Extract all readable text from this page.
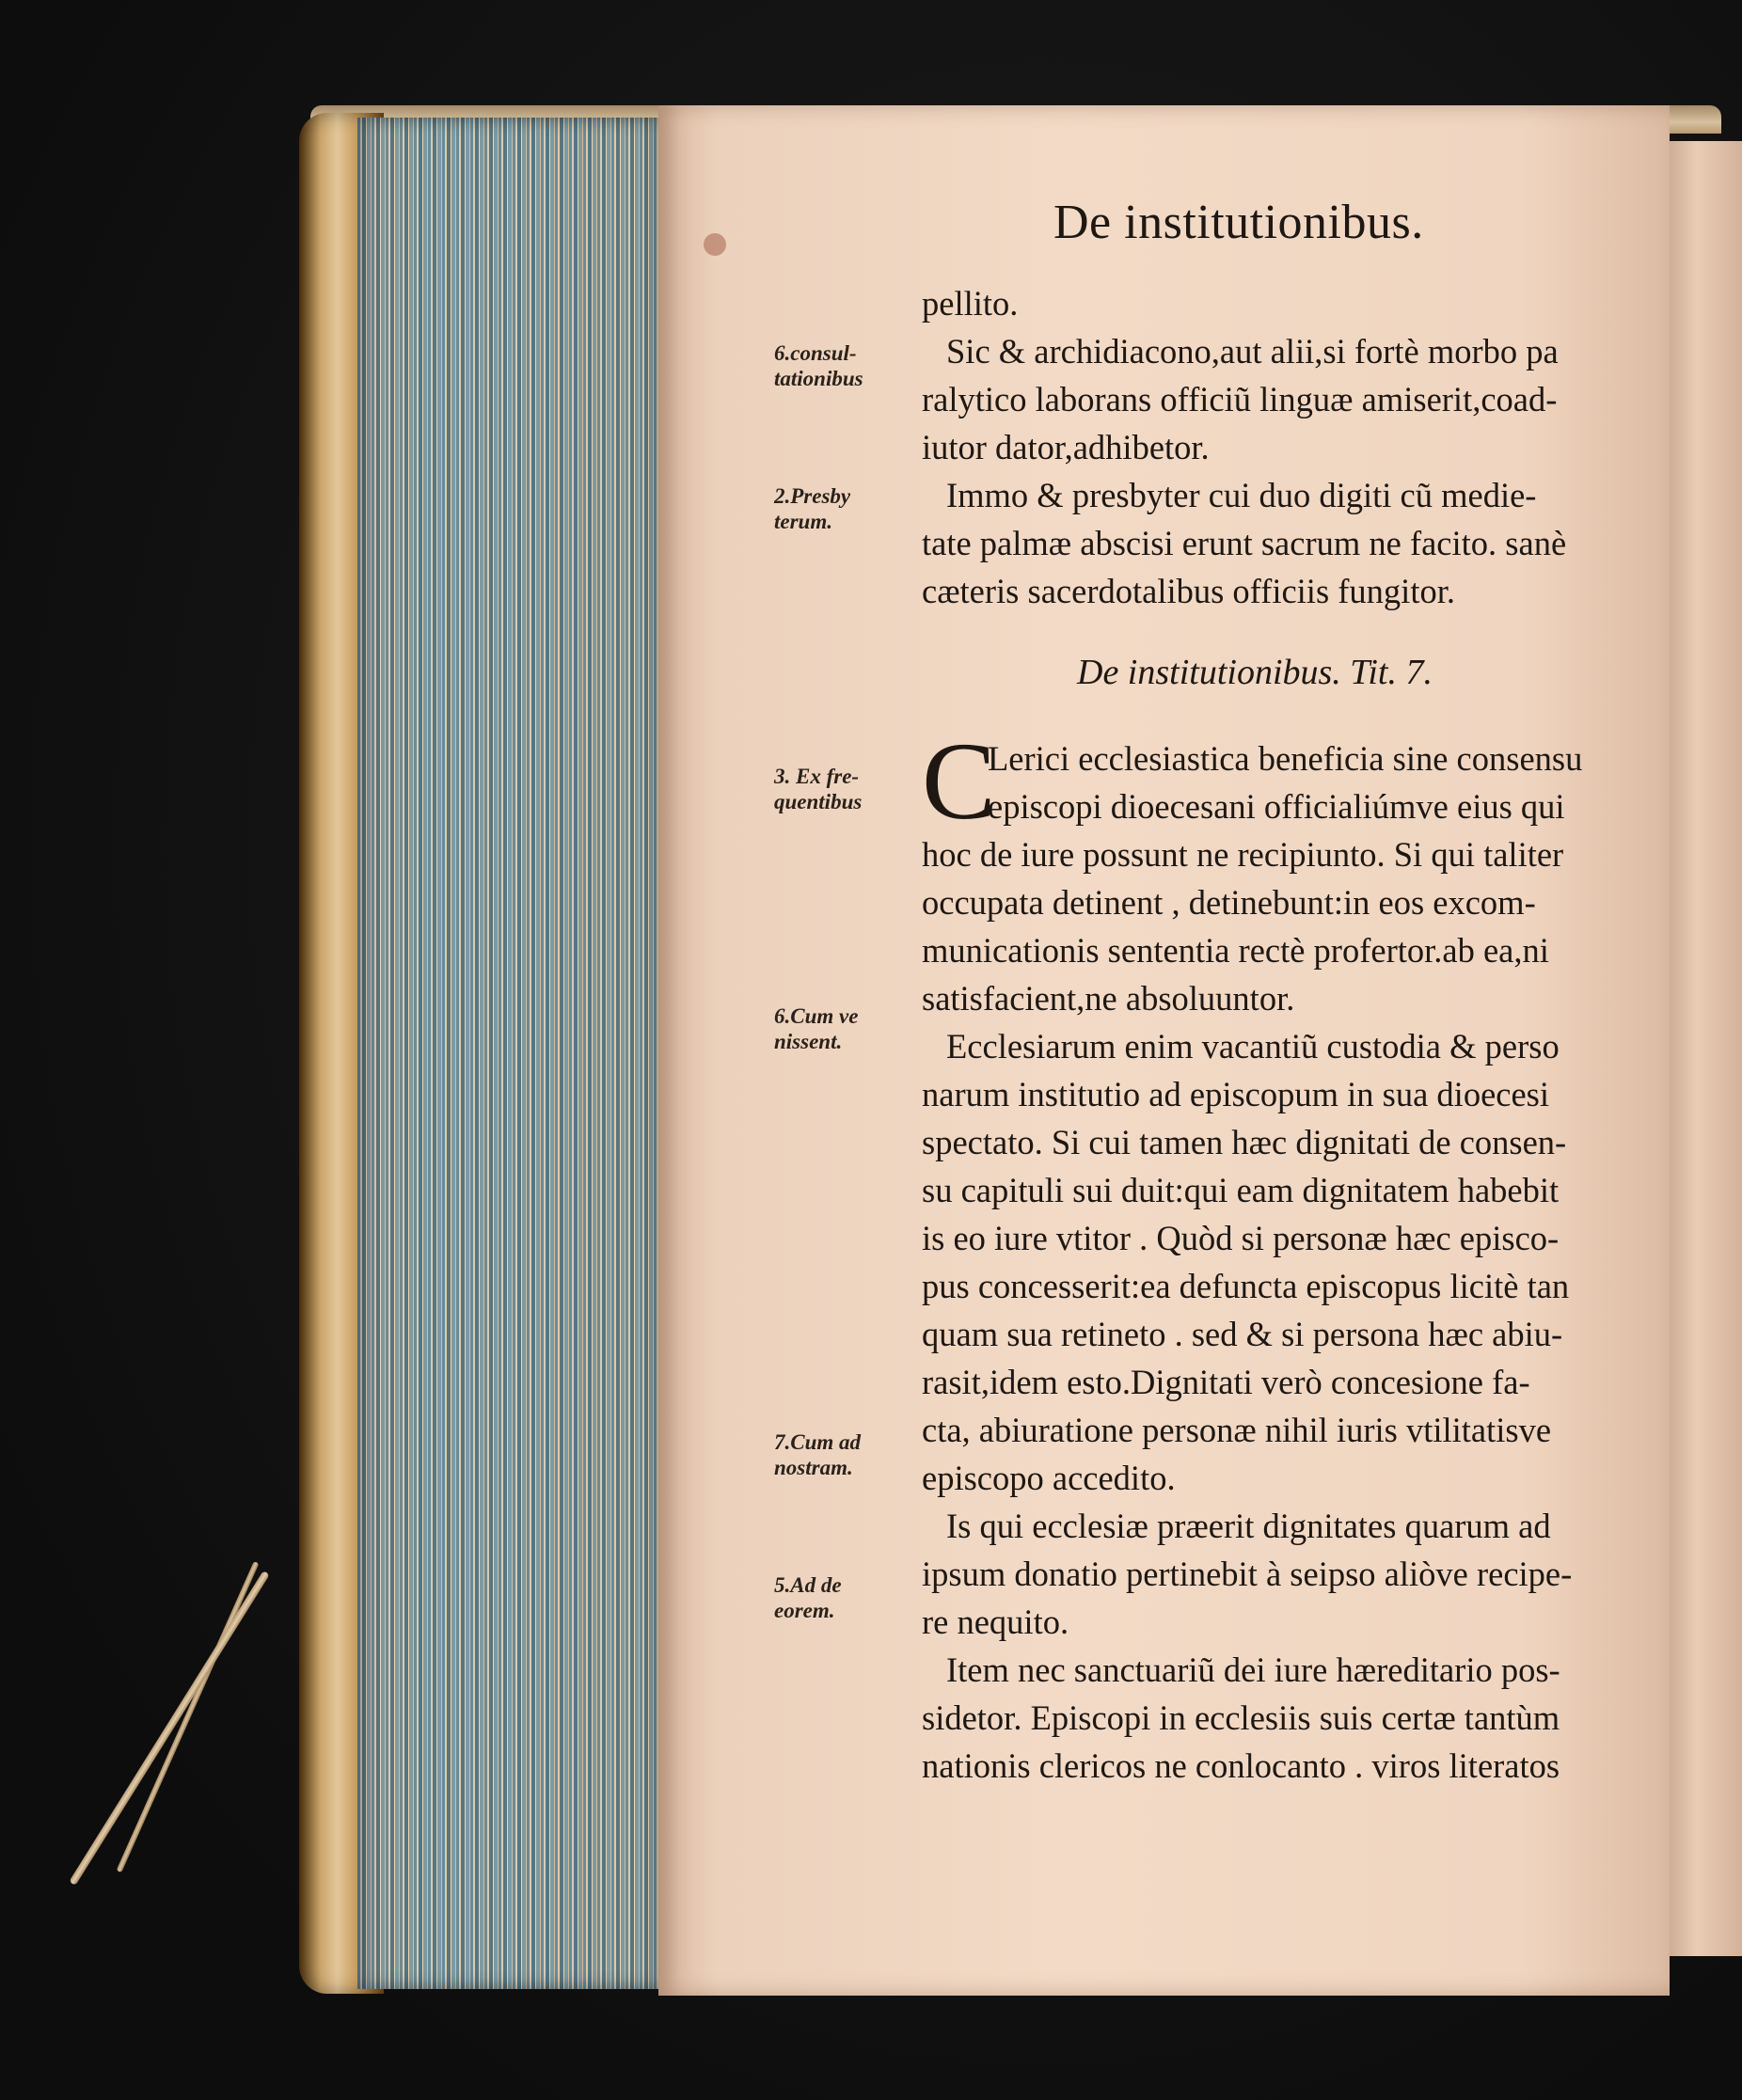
De institutionibus.
6.consul-
tationibus
2.Presby
terum.
3. Ex fre-
quentibus
6.Cum ve
nissent.
7.Cum ad
nostram.
5.Ad de
eorem.
pellito.
Sic & archidiacono,aut alii,si fortè morbo pa
ralytico laborans officiũ linguæ amiserit,coad-
iutor dator,adhibetor.
Immo & presbyter cui duo digiti cũ medie-
tate palmæ abscisi erunt sacrum ne facito. sanè
cæteris sacerdotalibus officiis fungitor.
De institutionibus. Tit. 7.
C
Lerici ecclesiastica beneficia sine consensu
episcopi dioecesani officialiúmve eius qui
hoc de iure possunt ne recipiunto. Si qui taliter
occupata detinent , detinebunt:in eos excom-
municationis sententia rectè profertor.ab ea,ni
satisfacient,ne absoluuntor.
Ecclesiarum enim vacantiũ custodia & perso
narum institutio ad episcopum in sua dioecesi
spectato. Si cui tamen hæc dignitati de consen-
su capituli sui duit:qui eam dignitatem habebit
is eo iure vtitor . Quòd si personæ hæc episco-
pus concesserit:ea defuncta episcopus licitè tan
quam sua retineto . sed & si persona hæc abiu-
rasit,idem esto.Dignitati verò concesione fa-
cta, abiuratione personæ nihil iuris vtilitatisve
episcopo accedito.
Is qui ecclesiæ præerit dignitates quarum ad
ipsum donatio pertinebit à seipso aliòve recipe-
re nequito.
Item nec sanctuariũ dei iure hæreditario pos-
sidetor. Episcopi in ecclesiis suis certæ tantùm
nationis clericos ne conlocanto . viros literatos
